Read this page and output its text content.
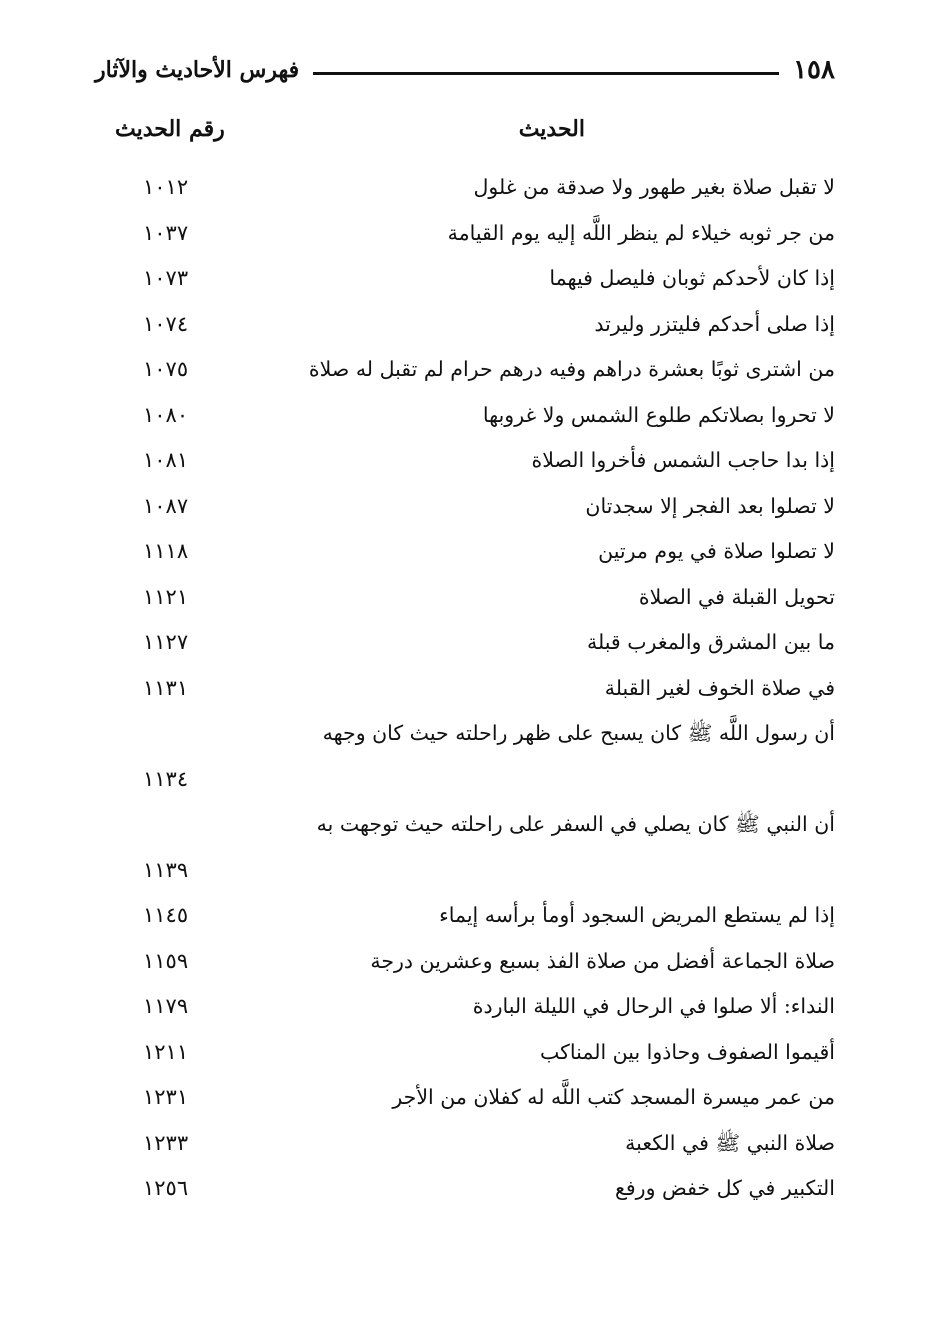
١٥٨
فهرس الأحاديث والآثار
الحديث
رقم الحديث
لا تقبل صلاة بغير طهور ولا صدقة من غلول
١٠١٢
من جر ثوبه خيلاء لم ينظر اللَّه إليه يوم القيامة
١٠٣٧
إذا كان لأحدكم ثوبان فليصل فيهما
١٠٧٣
إذا صلى أحدكم فليتزر وليرتد
١٠٧٤
من اشترى ثوبًا بعشرة دراهم وفيه درهم حرام لم تقبل له صلاة
١٠٧٥
لا تحروا بصلاتكم طلوع الشمس ولا غروبها
١٠٨٠
إذا بدا حاجب الشمس فأخروا الصلاة
١٠٨١
لا تصلوا بعد الفجر إلا سجدتان
١٠٨٧
لا تصلوا صلاة في يوم مرتين
١١١٨
تحويل القبلة في الصلاة
١١٢١
ما بين المشرق والمغرب قبلة
١١٢٧
في صلاة الخوف لغير القبلة
١١٣١
أن رسول اللَّه ﷺ كان يسبح على ظهر راحلته حيث كان وجهه
١١٣٤
أن النبي ﷺ كان يصلي في السفر على راحلته حيث توجهت به
١١٣٩
إذا لم يستطع المريض السجود أومأ برأسه إيماء
١١٤٥
صلاة الجماعة أفضل من صلاة الفذ بسبع وعشرين درجة
١١٥٩
النداء: ألا صلوا في الرحال في الليلة الباردة
١١٧٩
أقيموا الصفوف وحاذوا بين المناكب
١٢١١
من عمر ميسرة المسجد كتب اللَّه له كفلان من الأجر
١٢٣١
صلاة النبي ﷺ في الكعبة
١٢٣٣
التكبير في كل خفض ورفع
١٢٥٦
